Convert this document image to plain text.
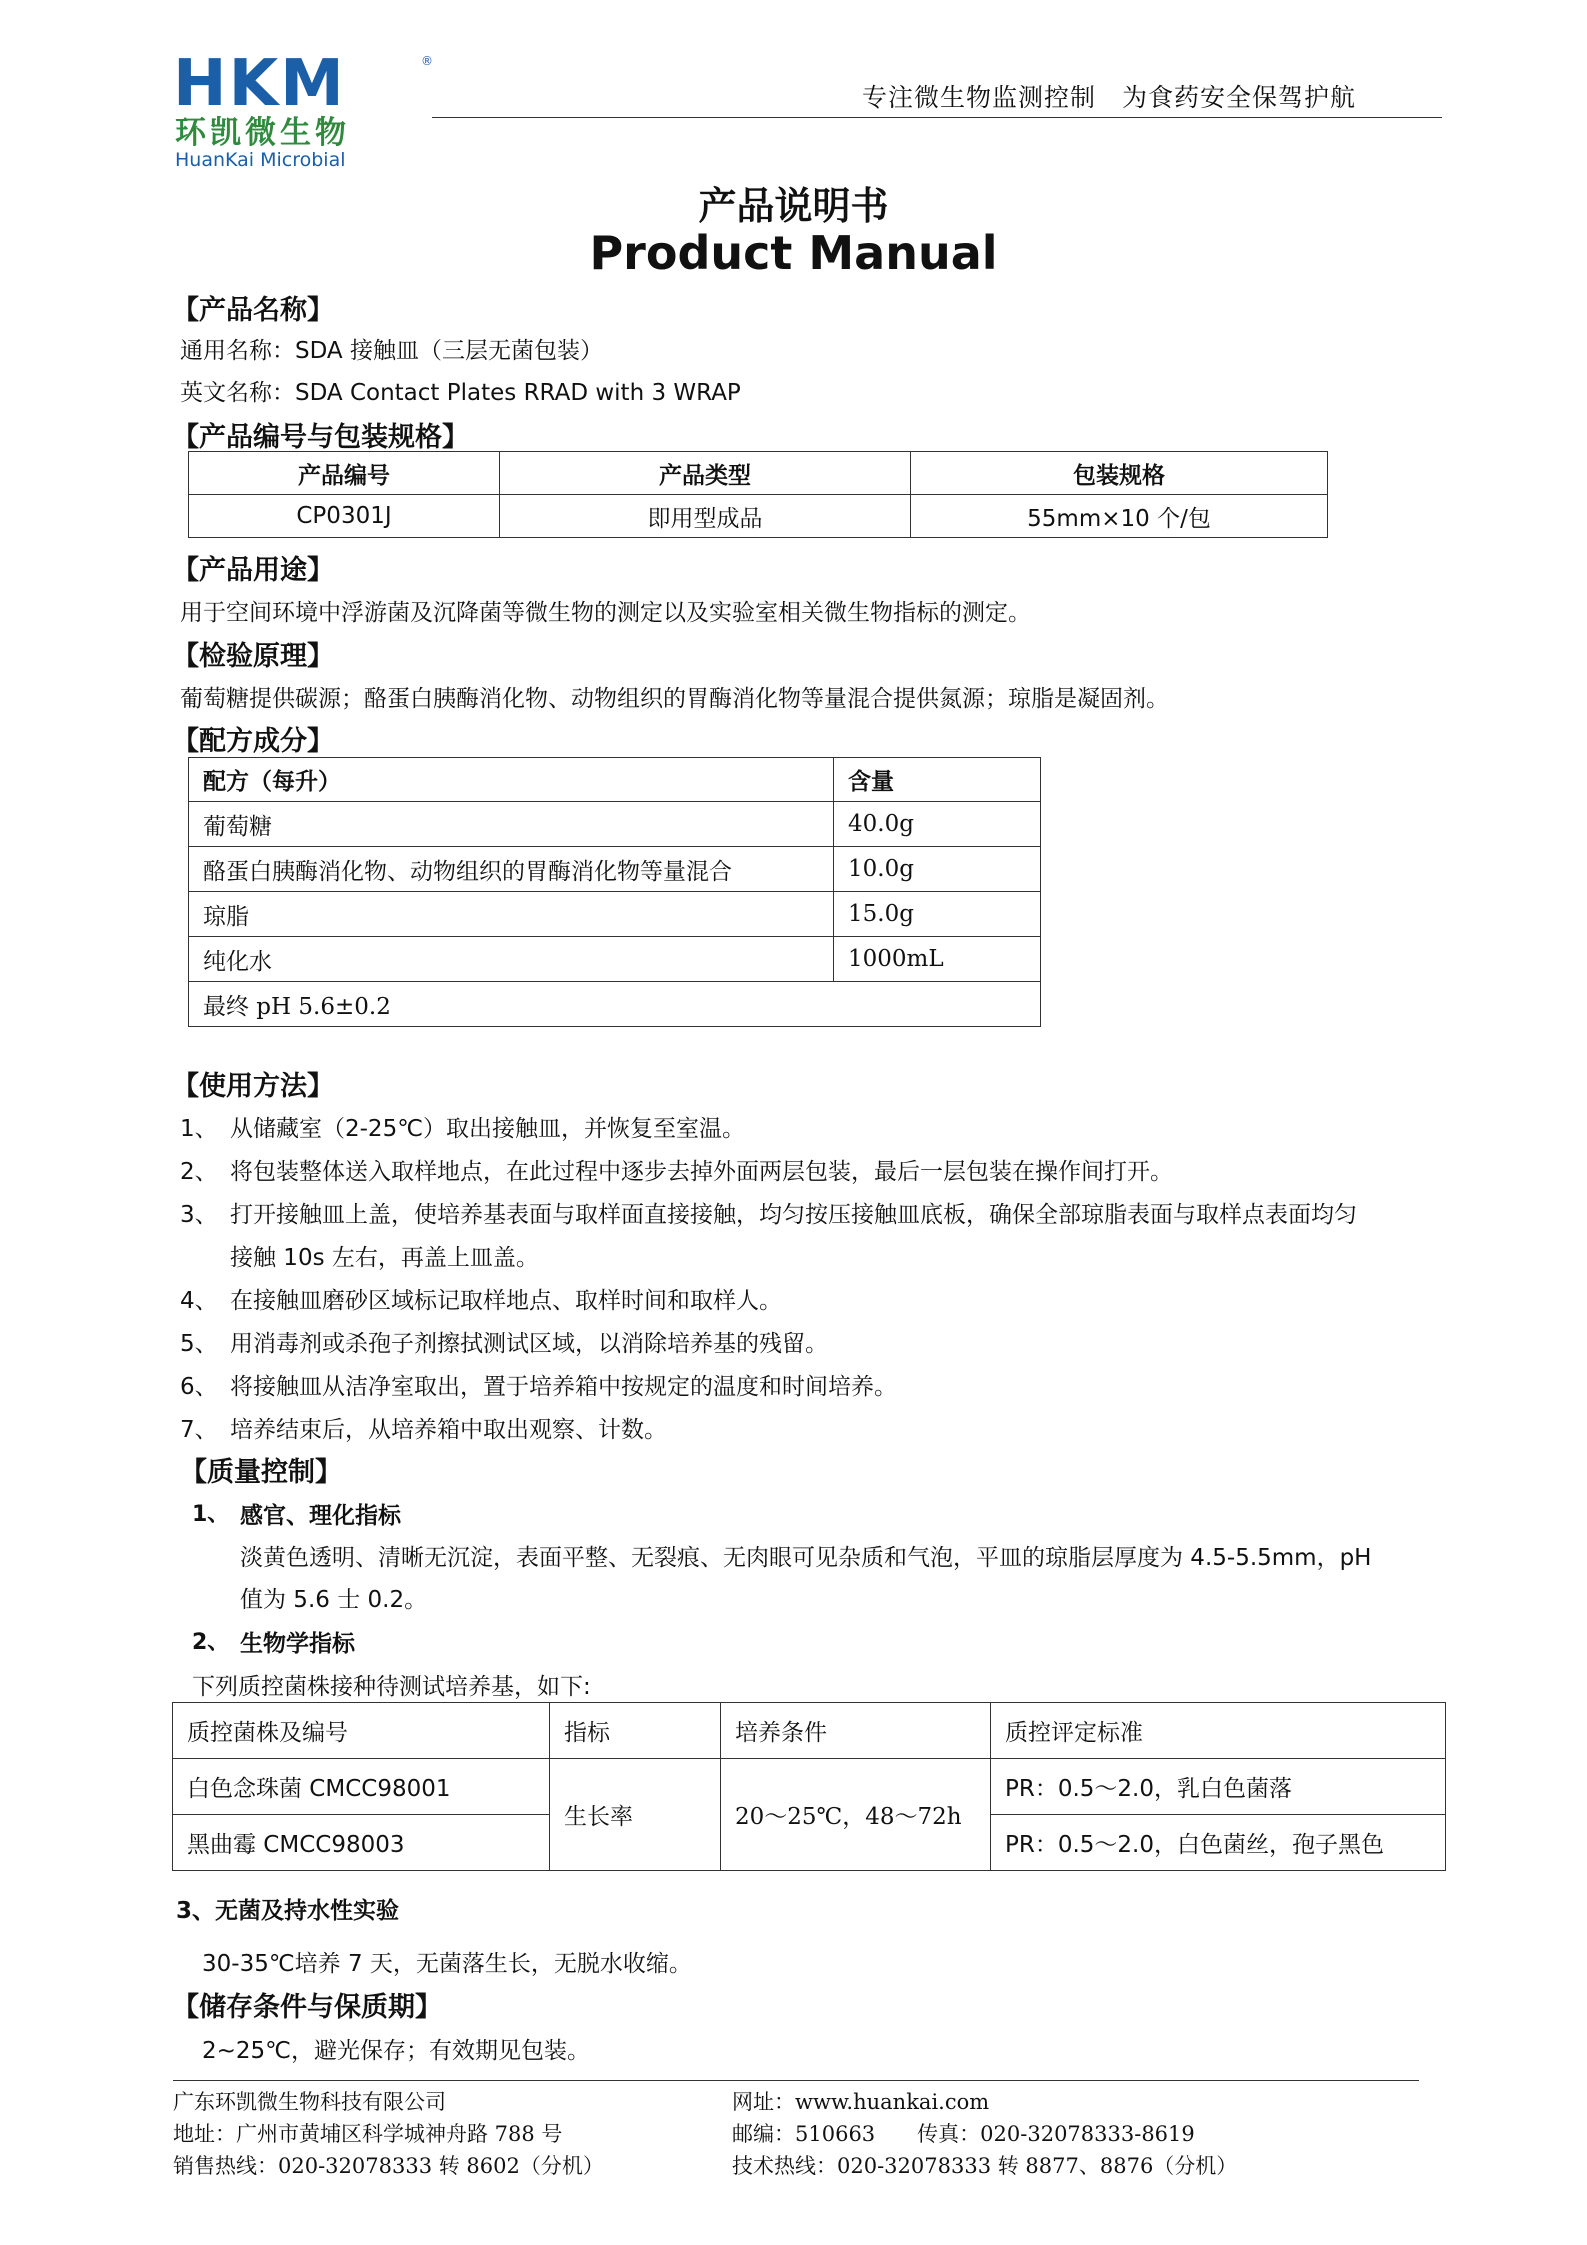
HKM	®
环凯微生物
HuanKai Microbial
专注微生物监测控制　为食药安全保驾护航
产品说明书
Product Manual
【产品名称】
通用名称：SDA 接触皿（三层无菌包装）
英文名称：SDA Contact Plates RRAD with 3 WRAP
【产品编号与包装规格】
产品编号	产品类型	包装规格
CP0301J	即用型成品	55mm×10 个/包
【产品用途】
用于空间环境中浮游菌及沉降菌等微生物的测定以及实验室相关微生物指标的测定。
【检验原理】
葡萄糖提供碳源；酪蛋白胰酶消化物、动物组织的胃酶消化物等量混合提供氮源；琼脂是凝固剂。
【配方成分】
配方（每升）	含量
葡萄糖	40.0g
酪蛋白胰酶消化物、动物组织的胃酶消化物等量混合	10.0g
琼脂	15.0g
纯化水	1000mL
最终 pH 5.6±0.2	
【使用方法】
1、 从储藏室（2-25℃）取出接触皿，并恢复至室温。
2、 将包装整体送入取样地点，在此过程中逐步去掉外面两层包装，最后一层包装在操作间打开。
3、 打开接触皿上盖，使培养基表面与取样面直接接触，均匀按压接触皿底板，确保全部琼脂表面与取样点表面均匀
接触 10s 左右，再盖上皿盖。
4、 在接触皿磨砂区域标记取样地点、取样时间和取样人。
5、 用消毒剂或杀孢子剂擦拭测试区域，以消除培养基的残留。
6、 将接触皿从洁净室取出，置于培养箱中按规定的温度和时间培养。
7、 培养结束后，从培养箱中取出观察、计数。
【质量控制】
1、 感官、理化指标
淡黄色透明、清晰无沉淀，表面平整、无裂痕、无肉眼可见杂质和气泡，平皿的琼脂层厚度为 4.5-5.5mm，pH
值为 5.6 士 0.2。
2、 生物学指标
下列质控菌株接种待测试培养基，如下:
质控菌株及编号	指标	培养条件	质控评定标准
白色念珠菌 CMCC98001	生长率	20～25℃，48～72h	PR：0.5～2.0，乳白色菌落
黑曲霉 CMCC98003			PR：0.5～2.0，白色菌丝，孢子黑色
3、无菌及持水性实验
30-35℃培养 7 天，无菌落生长，无脱水收缩。
【储存条件与保质期】
2~25℃，避光保存；有效期见包装。
广东环凯微生物科技有限公司
地址：广州市黄埔区科学城神舟路 788 号
销售热线：020-32078333 转 8602（分机）
网址：www.huankai.com
邮编：510663　　传真：020-32078333-8619
技术热线：020-32078333 转 8877、8876（分机）
